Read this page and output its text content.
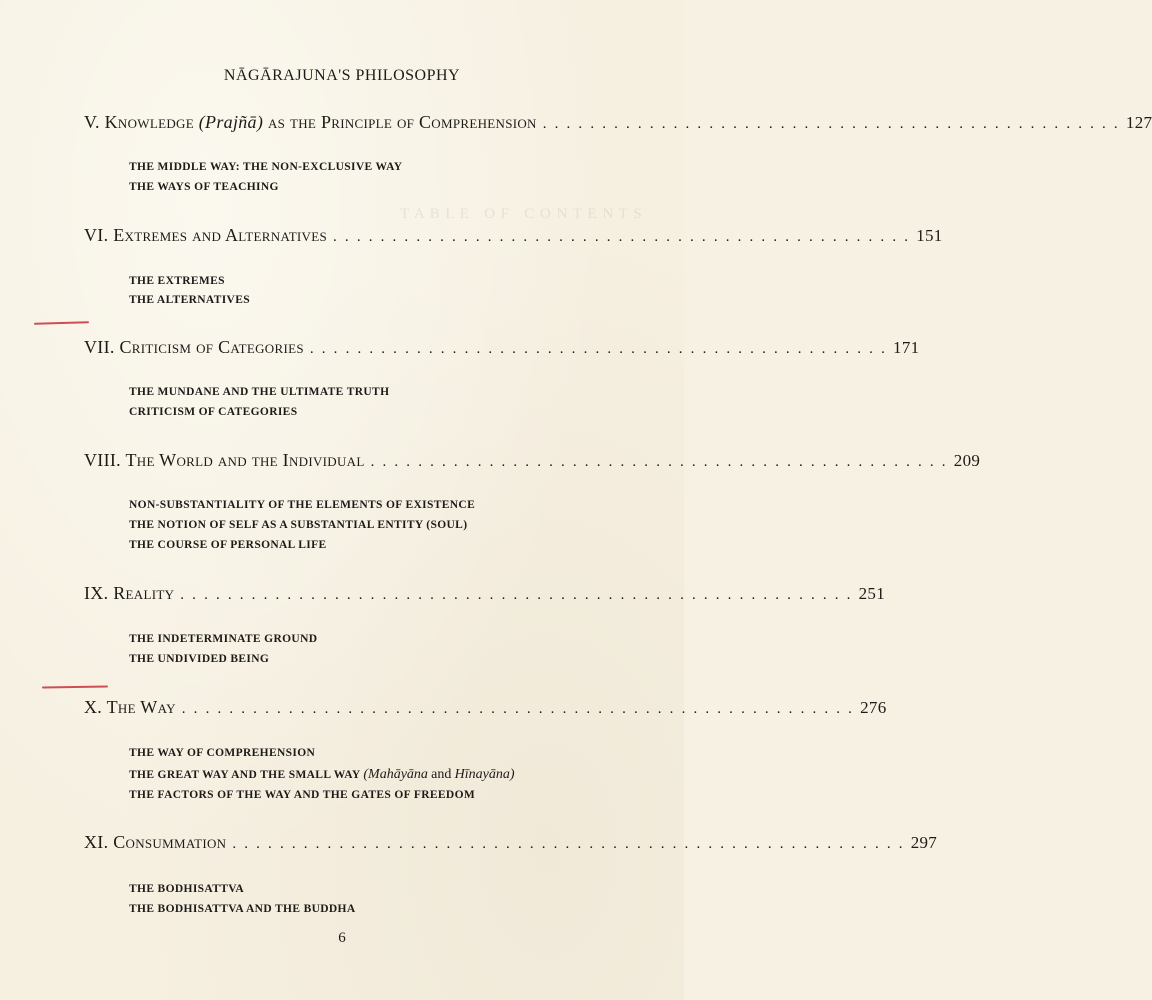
T A B L E   O F   C O N T E N T S
NĀGĀRAJUNA'S PHILOSOPHY
V. Knowledge (Prajñā) as the Principle of Comprehension . . . . . . . . . . . . . . . . . . . . . . . . . . . . . . . . . . . . . . . . . . . . . . . . . 127
THE MIDDLE WAY: THE NON-EXCLUSIVE WAY
THE WAYS OF TEACHING
VI. Extremes and Alternatives . . . . . . . . . . . . . . . . . . . . . . . . . . . . . . . . . . . . . . . . . . . . . . . . . 151
THE EXTREMES
THE ALTERNATIVES
VII. Criticism of Categories . . . . . . . . . . . . . . . . . . . . . . . . . . . . . . . . . . . . . . . . . . . . . . . . . 171
THE MUNDANE AND THE ULTIMATE TRUTH
CRITICISM OF CATEGORIES
VIII. The World and the Individual . . . . . . . . . . . . . . . . . . . . . . . . . . . . . . . . . . . . . . . . . . . . . . . . . 209
NON-SUBSTANTIALITY OF THE ELEMENTS OF EXISTENCE
THE NOTION OF SELF AS A SUBSTANTIAL ENTITY (SOUL)
THE COURSE OF PERSONAL LIFE
IX. Reality . . . . . . . . . . . . . . . . . . . . . . . . . . . . . . . . . . . . . . . . . . . . . . . . . . . . . . . . . 251
THE INDETERMINATE GROUND
THE UNDIVIDED BEING
X. The Way . . . . . . . . . . . . . . . . . . . . . . . . . . . . . . . . . . . . . . . . . . . . . . . . . . . . . . . . . 276
THE WAY OF COMPREHENSION
THE GREAT WAY AND THE SMALL WAY (Mahāyāna and Hīnayāna)
THE FACTORS OF THE WAY AND THE GATES OF FREEDOM
XI. Consummation . . . . . . . . . . . . . . . . . . . . . . . . . . . . . . . . . . . . . . . . . . . . . . . . . . . . . . . . . 297
THE BODHISATTVA
THE BODHISATTVA AND THE BUDDHA
6
